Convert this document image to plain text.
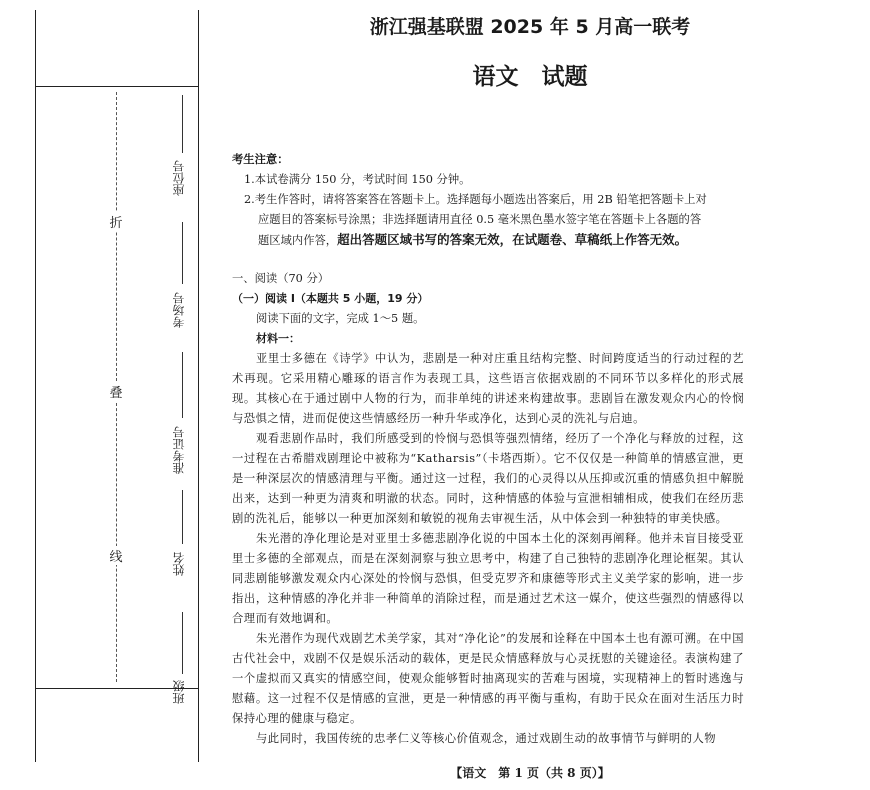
折
叠
线
座位号
考场号
准考证号
姓名
班级
浙江强基联盟 2025 年 5 月高一联考
语文　试题
考生注意：
1.本试卷满分 150 分，考试时间 150 分钟。
2.考生作答时，请将答案答在答题卡上。选择题每小题选出答案后，用 2B 铅笔把答题卡上对
应题目的答案标号涂黑；非选择题请用直径 0.5 毫米黑色墨水签字笔在答题卡上各题的答
题区域内作答，超出答题区域书写的答案无效，在试题卷、草稿纸上作答无效。
一、阅读（70 分）
（一）阅读 Ⅰ（本题共 5 小题，19 分）
阅读下面的文字，完成 1～5 题。
材料一：
亚里士多德在《诗学》中认为，悲剧是一种对庄重且结构完整、时间跨度适当的行动过程的艺术再现。它采用精心雕琢的语言作为表现工具，这些语言依据戏剧的不同环节以多样化的形式展现。其核心在于通过剧中人物的行为，而非单纯的讲述来构建故事。悲剧旨在激发观众内心的怜悯与恐惧之情，进而促使这些情感经历一种升华或净化，达到心灵的洗礼与启迪。
观看悲剧作品时，我们所感受到的怜悯与恐惧等强烈情绪，经历了一个净化与释放的过程，这一过程在古希腊戏剧理论中被称为“Katharsis”（卡塔西斯）。它不仅仅是一种简单的情感宣泄，更是一种深层次的情感清理与平衡。通过这一过程，我们的心灵得以从压抑或沉重的情感负担中解脱出来，达到一种更为清爽和明澈的状态。同时，这种情感的体验与宣泄相辅相成，使我们在经历悲剧的洗礼后，能够以一种更加深刻和敏锐的视角去审视生活，从中体会到一种独特的审美快感。
朱光潜的净化理论是对亚里士多德悲剧净化说的中国本土化的深刻再阐释。他并未盲目接受亚里士多德的全部观点，而是在深刻洞察与独立思考中，构建了自己独特的悲剧净化理论框架。其认同悲剧能够激发观众内心深处的怜悯与恐惧，但受克罗齐和康德等形式主义美学家的影响，进一步指出，这种情感的净化并非一种简单的消除过程，而是通过艺术这一媒介，使这些强烈的情感得以合理而有效地调和。
朱光潜作为现代戏剧艺术美学家，其对“净化论”的发展和诠释在中国本土也有源可溯。在中国古代社会中，戏剧不仅是娱乐活动的载体，更是民众情感释放与心灵抚慰的关键途径。表演构建了一个虚拟而又真实的情感空间，使观众能够暂时抽离现实的苦难与困境，实现精神上的暂时逃逸与慰藉。这一过程不仅是情感的宣泄，更是一种情感的再平衡与重构，有助于民众在面对生活压力时保持心理的健康与稳定。
与此同时，我国传统的忠孝仁义等核心价值观念，通过戏剧生动的故事情节与鲜明的人物
【语文　第 1 页（共 8 页）】
